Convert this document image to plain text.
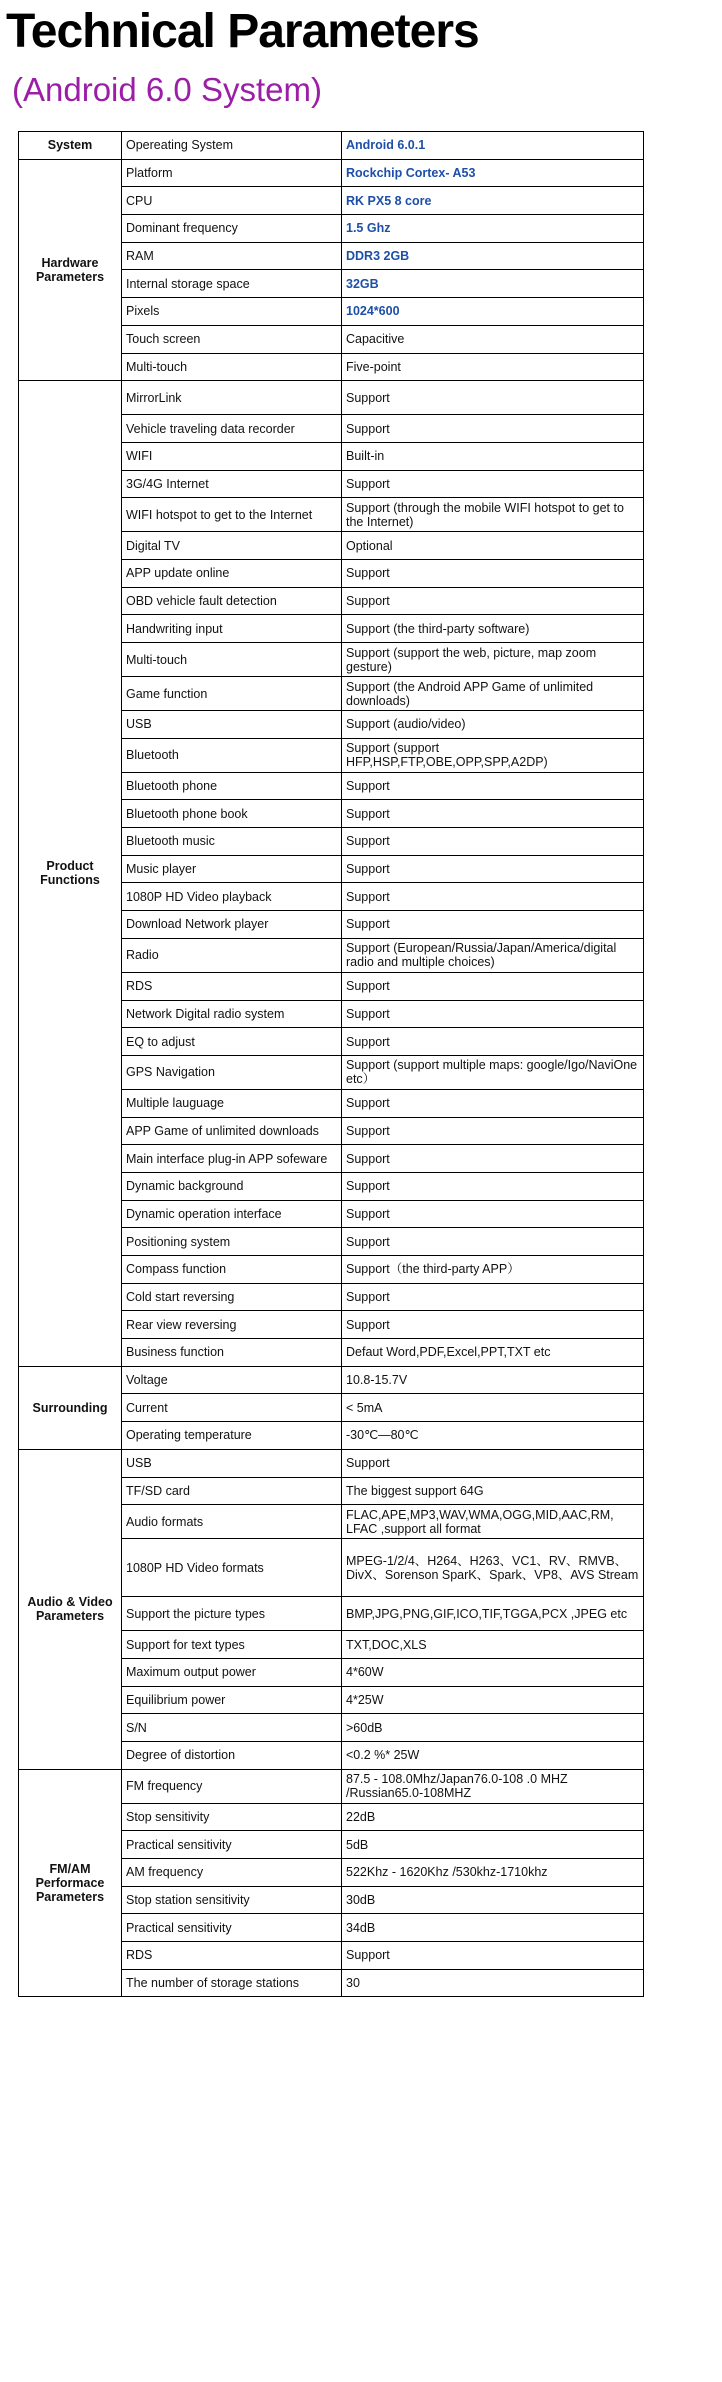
Technical Parameters
(Android 6.0 System)
System	Opereating System	Android 6.0.1
Hardware Parameters	Platform	Rockchip Cortex- A53
	CPU	RK PX5 8 core
	Dominant frequency	1.5 Ghz
	RAM	DDR3 2GB
	Internal storage space	32GB
	Pixels	1024*600
	Touch screen	Capacitive
	Multi-touch	Five-point
Product Functions	MirrorLink	Support
	Vehicle traveling data recorder	Support
	WIFI	Built-in
	3G/4G Internet	Support
	WIFI hotspot to get to the Internet	Support (through the mobile WIFI hotspot to get to the Internet)
	Digital TV	Optional
	APP update online	Support
	OBD vehicle fault detection	Support
	Handwriting input	Support (the third-party software)
	Multi-touch	Support (support the web, picture, map zoom gesture)
	Game function	Support (the Android APP Game of unlimited downloads)
	USB	Support (audio/video)
	Bluetooth	Support (support HFP,HSP,FTP,OBE,OPP,SPP,A2DP)
	Bluetooth phone	Support
	Bluetooth phone book	Support
	Bluetooth music	Support
	Music player	Support
	1080P HD Video playback	Support
	Download Network player	Support
	Radio	Support (European/Russia/Japan/America/digital radio and multiple choices)
	RDS	Support
	Network Digital radio system	Support
	EQ to adjust	Support
	GPS Navigation	Support (support multiple maps: google/Igo/NaviOne etc）
	Multiple lauguage	Support
	APP Game of unlimited downloads	Support
	Main interface plug-in APP sofeware	Support
	Dynamic background	Support
	Dynamic operation interface	Support
	Positioning system	Support
	Compass function	Support（the third-party APP）
	Cold start reversing	Support
	Rear view reversing	Support
	Business function	Defaut Word,PDF,Excel,PPT,TXT etc
Surrounding	Voltage	10.8-15.7V
	Current	< 5mA
	Operating temperature	-30℃—80℃
Audio & Video Parameters	USB	Support
	TF/SD card	The biggest support 64G
	Audio formats	FLAC,APE,MP3,WAV,WMA,OGG,MID,AAC,RM, LFAC ,support all format
	1080P HD Video formats	MPEG-1/2/4、H264、H263、VC1、RV、RMVB、DivX、Sorenson SparK、Spark、VP8、AVS Stream
	Support the picture types	BMP,JPG,PNG,GIF,ICO,TIF,TGGA,PCX ,JPEG etc
	Support for text types	TXT,DOC,XLS
	Maximum output power	4*60W
	Equilibrium power	4*25W
	S/N	>60dB
	Degree of distortion	<0.2 %* 25W
FM/AM Performace Parameters	FM frequency	87.5 - 108.0Mhz/Japan76.0-108 .0 MHZ /Russian65.0-108MHZ
	Stop sensitivity	22dB
	Practical sensitivity	5dB
	AM frequency	522Khz - 1620Khz /530khz-1710khz
	Stop station sensitivity	30dB
	Practical sensitivity	34dB
	RDS	Support
	The number of storage stations	30
